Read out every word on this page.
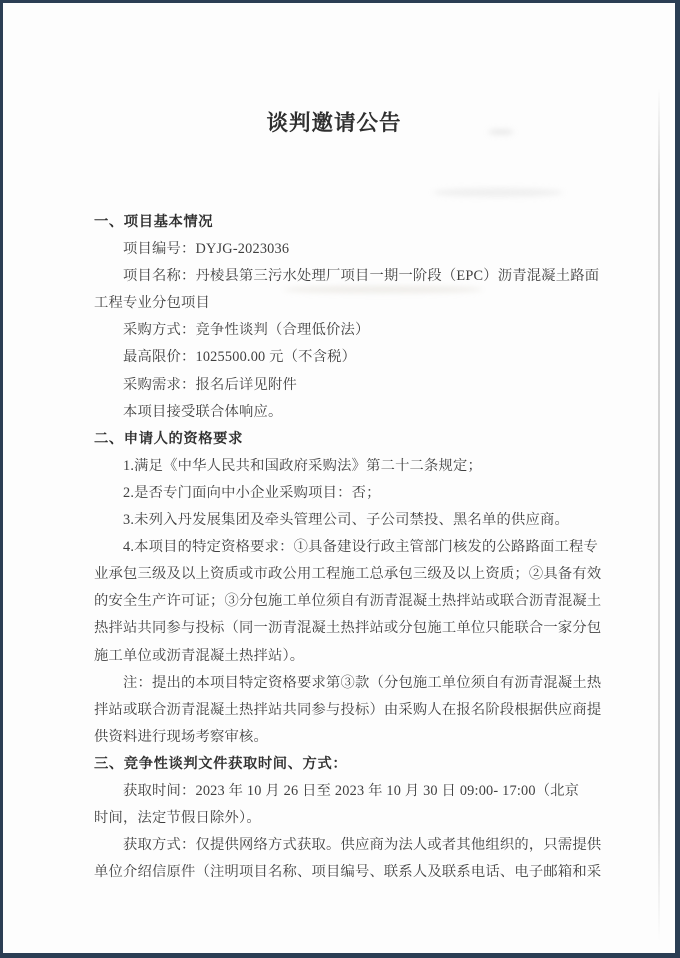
谈判邀请公告
一、项目基本情况
项目编号：DYJG-2023036
项目名称：丹棱县第三污水处理厂项目一期一阶段（EPC）沥青混凝土路面
工程专业分包项目
采购方式：竞争性谈判（合理低价法）
最高限价：1025500.00 元（不含税）
采购需求：报名后详见附件
本项目接受联合体响应。
二、申请人的资格要求
1.满足《中华人民共和国政府采购法》第二十二条规定；
2.是否专门面向中小企业采购项目：否；
3.未列入丹发展集团及牵头管理公司、子公司禁投、黑名单的供应商。
4.本项目的特定资格要求：①具备建设行政主管部门核发的公路路面工程专
业承包三级及以上资质或市政公用工程施工总承包三级及以上资质；②具备有效
的安全生产许可证；③分包施工单位须自有沥青混凝土热拌站或联合沥青混凝土
热拌站共同参与投标（同一沥青混凝土热拌站或分包施工单位只能联合一家分包
施工单位或沥青混凝土热拌站）。
注：提出的本项目特定资格要求第③款（分包施工单位须自有沥青混凝土热
拌站或联合沥青混凝土热拌站共同参与投标）由采购人在报名阶段根据供应商提
供资料进行现场考察审核。
三、竞争性谈判文件获取时间、方式：
获取时间：2023 年 10 月 26 日至 2023 年 10 月 30 日 09:00- 17:00（北京
时间，法定节假日除外）。
获取方式：仅提供网络方式获取。供应商为法人或者其他组织的，只需提供
单位介绍信原件（注明项目名称、项目编号、联系人及联系电话、电子邮箱和采
